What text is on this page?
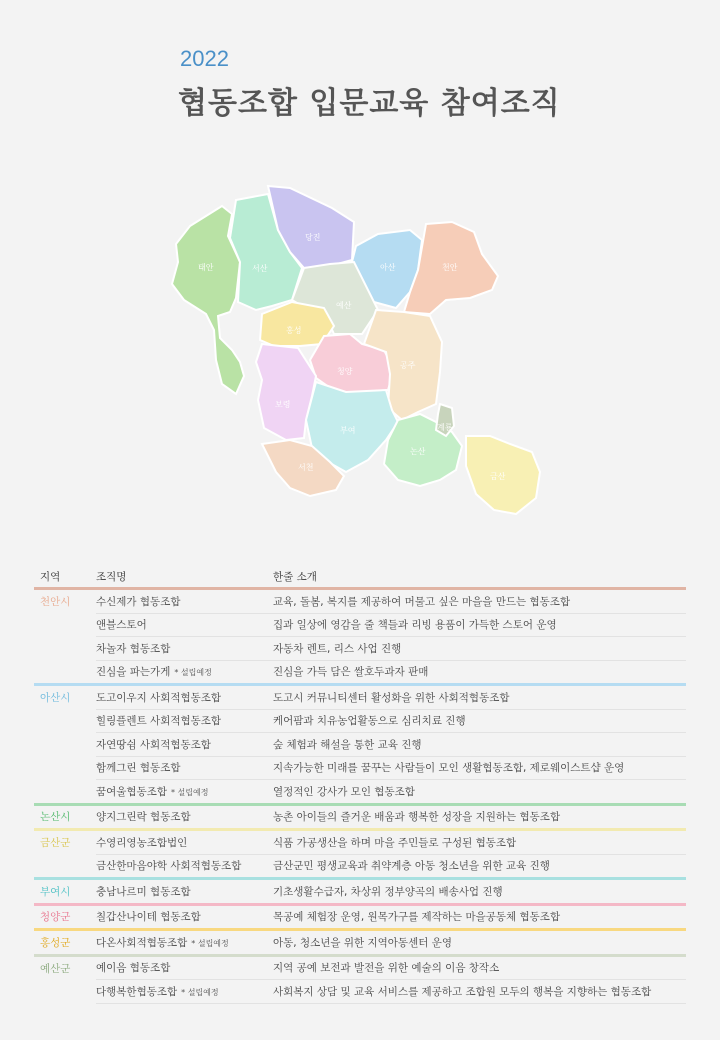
2022
협동조합 입문교육 참여조직
태안	서산
당진
아산	천안
예산
홍성
청양
공주
보령
부여
서천
논산
계룡
금산
지역	조직명	한줄 소개
천안시	수신제가 협동조합	교육, 돌봄, 복지를 제공하여 머물고 싶은 마을을 만드는 협동조합
	앤블스토어	집과 일상에 영감을 줄 책들과 리빙 용품이 가득한 스토어 운영
	차놀자 협동조합	자동차 렌트, 리스 사업 진행
	진심을 파는가게 * 설립예정	진심을 가득 담은 쌀호두과자 판매
아산시	도고이우지 사회적협동조합	도고시 커뮤니티센터 활성화을 위한 사회적협동조합
	힐링플렌트 사회적협동조합	케어팜과 치유농업활동으로 심리치료 진행
	자연땅쉼 사회적협동조합	숲 체험과 해설을 통한 교육 진행
	함께그린 협동조합	지속가능한 미래를 꿈꾸는 사람들이 모인 생활협동조합, 제로웨이스트샵 운영
	꿈여울협동조합 * 설립예정	열정적인 강사가 모인 협동조합
논산시	양지그린락 협동조합	농촌 아이들의 즐거운 배움과 행복한 성장을 지원하는 협동조합
금산군	수영리영농조합법인	식품 가공생산을 하며 마을 주민들로 구성된 협동조합
	금산한마음야학 사회적협동조합	금산군민 평생교육과 취약계층 아동 청소년을 위한 교육 진행
부여시	충남나르미 협동조합	기초생활수급자, 차상위 정부양곡의 배송사업 진행
청양군	칠갑산나이테 협동조합	목공예 체험장 운영, 원목가구를 제작하는 마을공동체 협동조합
홍성군	다온사회적협동조합 * 설립예정	아동, 청소년을 위한 지역아동센터 운영
예산군	예이음 협동조합	지역 공예 보전과 발전을 위한 예술의 이음 창작소
	다행복한협동조합 * 설립예정	사회복지 상담 및 교육 서비스를 제공하고 조합원 모두의 행복을 지향하는 협동조합
